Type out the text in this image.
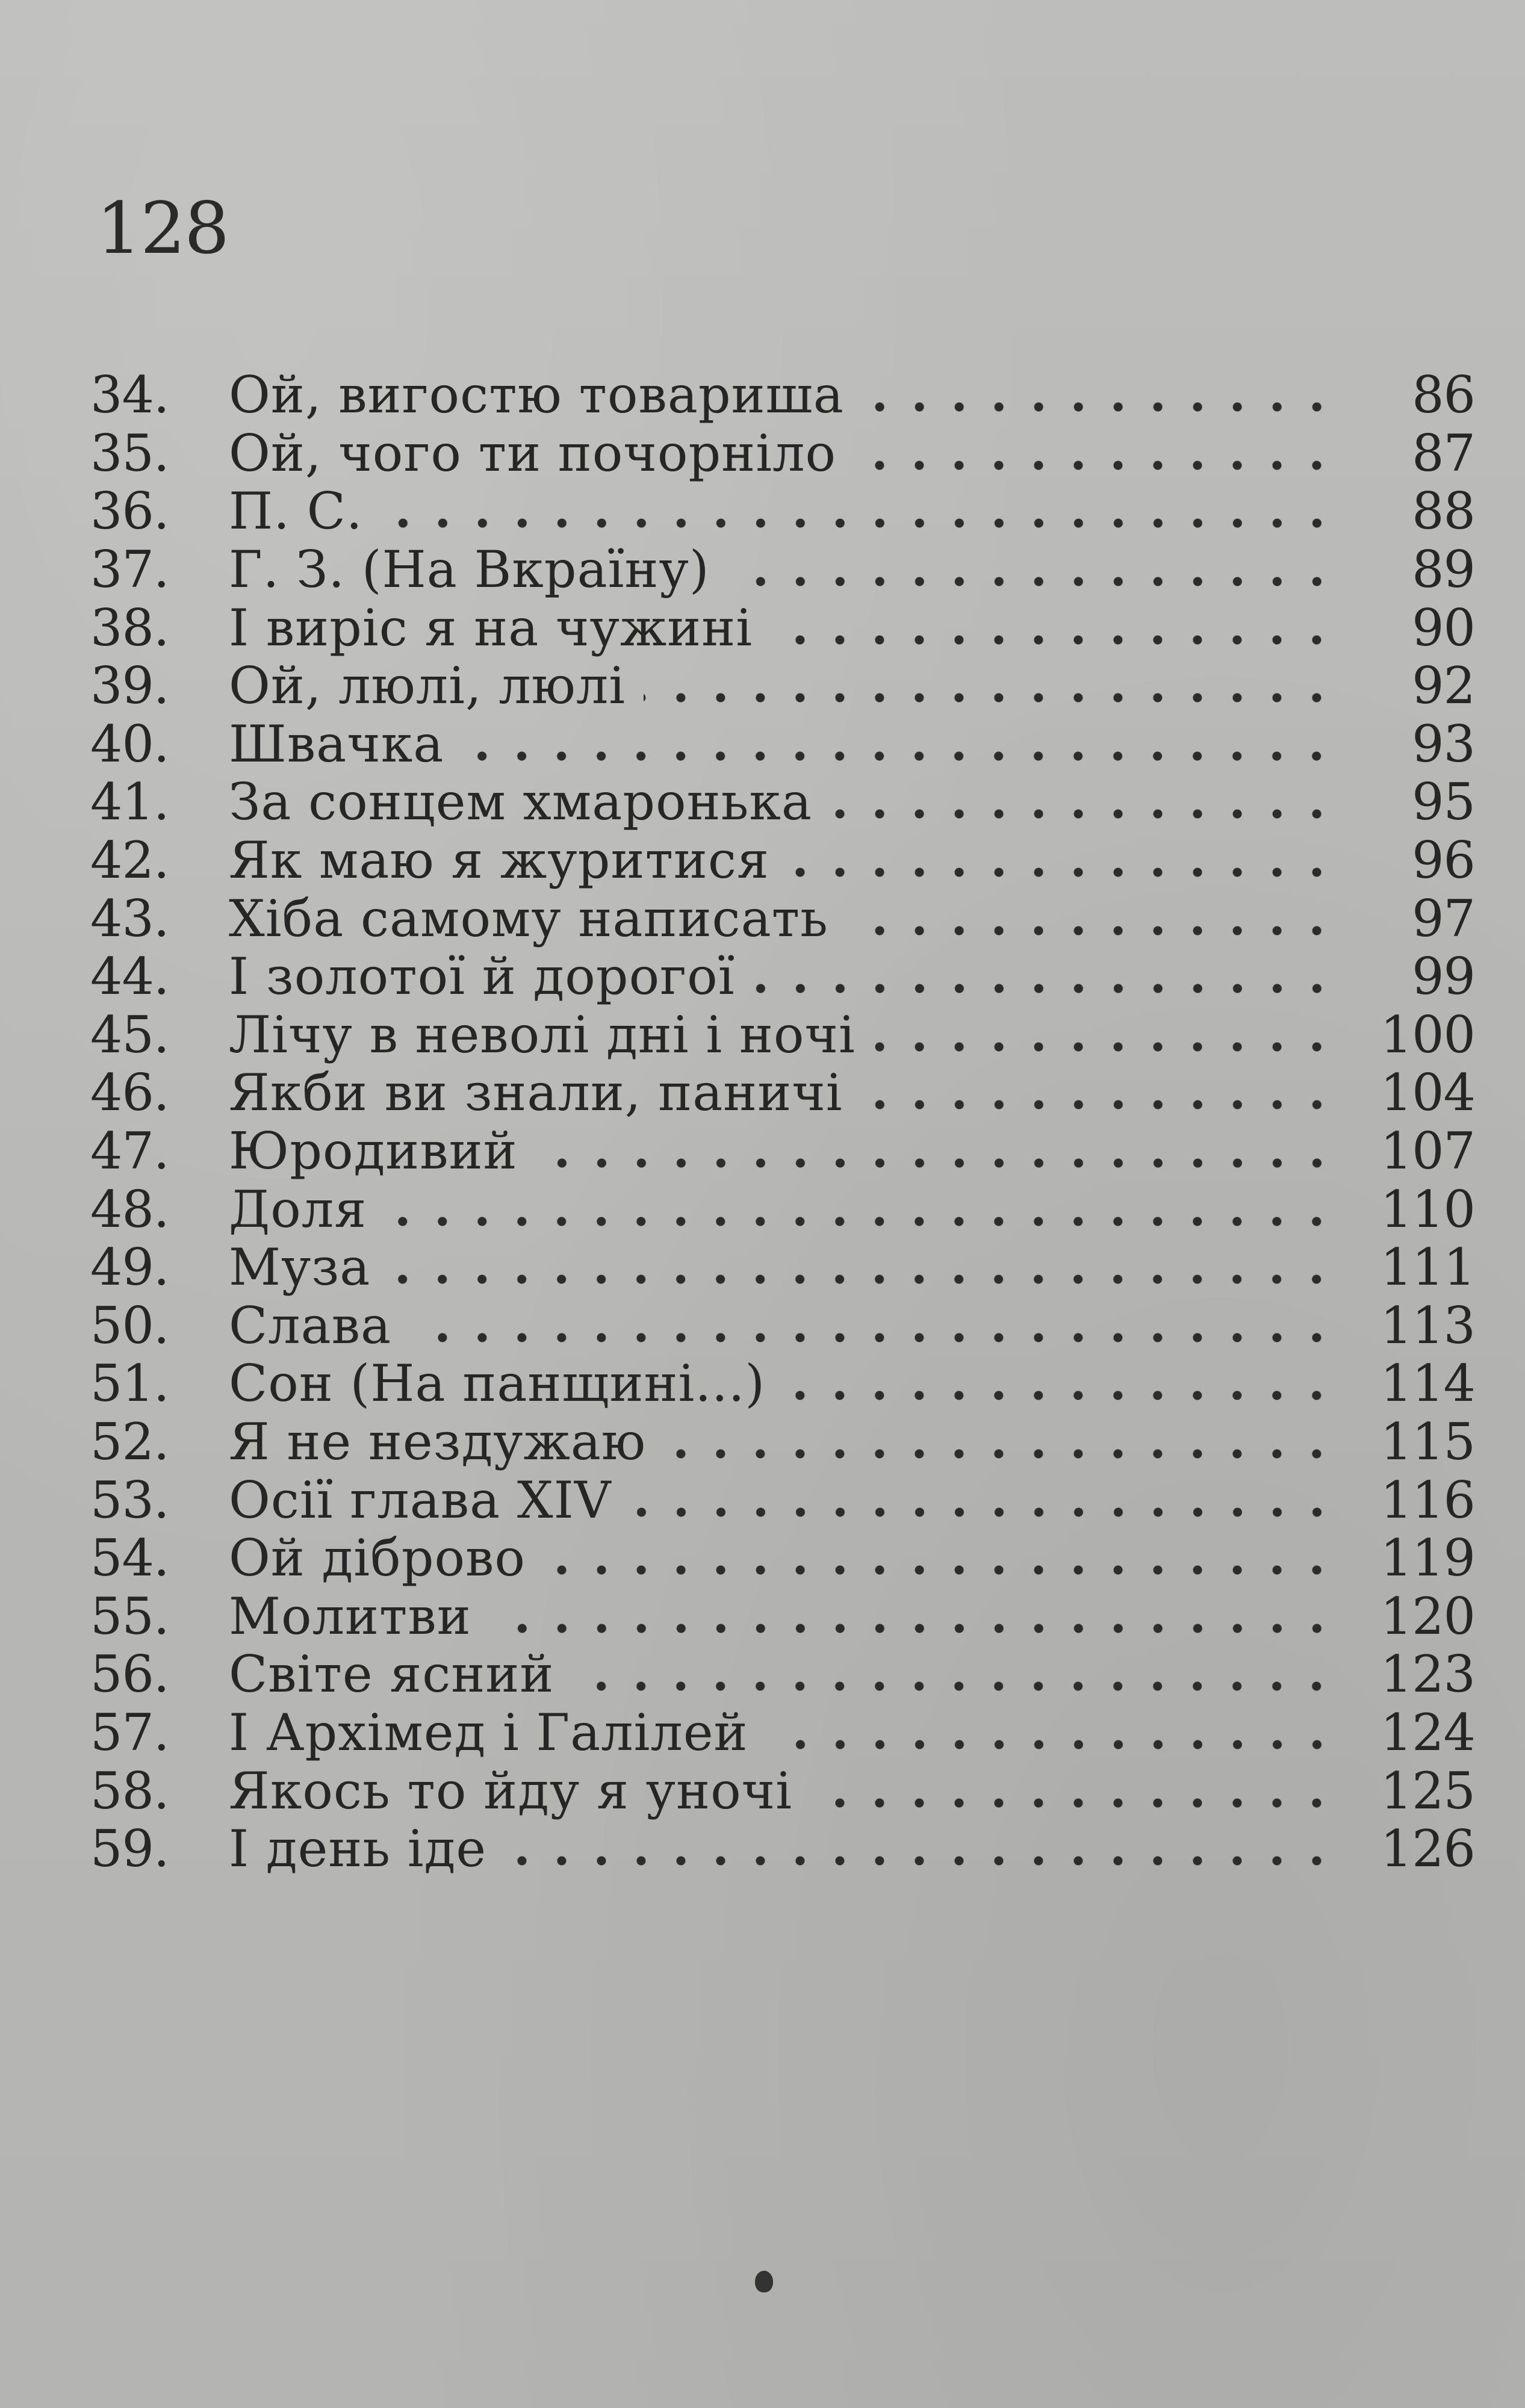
128
34.	Ой, вигостю товариша	86
35.	Ой, чого ти почорніло	87
36.	П. С.	88
37.	Г. З. (На Вкраїну)	89
38.	І виріс я на чужині	90
39.	Ой, люлі, люлі	92
40.	Швачка	93
41.	За сонцем хмаронька	95
42.	Як маю я журитися	96
43.	Хіба самому написать	97
44.	І золотої й дорогої	99
45.	Лічу в неволі дні і ночі	100
46.	Якби ви знали, паничі	104
47.	Юродивий	107
48.	Доля	110
49.	Муза	111
50.	Слава	113
51.	Сон (На панщині...)	114
52.	Я не нездужаю	115
53.	Осії глава XIV	116
54.	Ой діброво	119
55.	Молитви	120
56.	Світе ясний	123
57.	І Архімед і Галілей	124
58.	Якось то йду я уночі	125
59.	І день іде	126
